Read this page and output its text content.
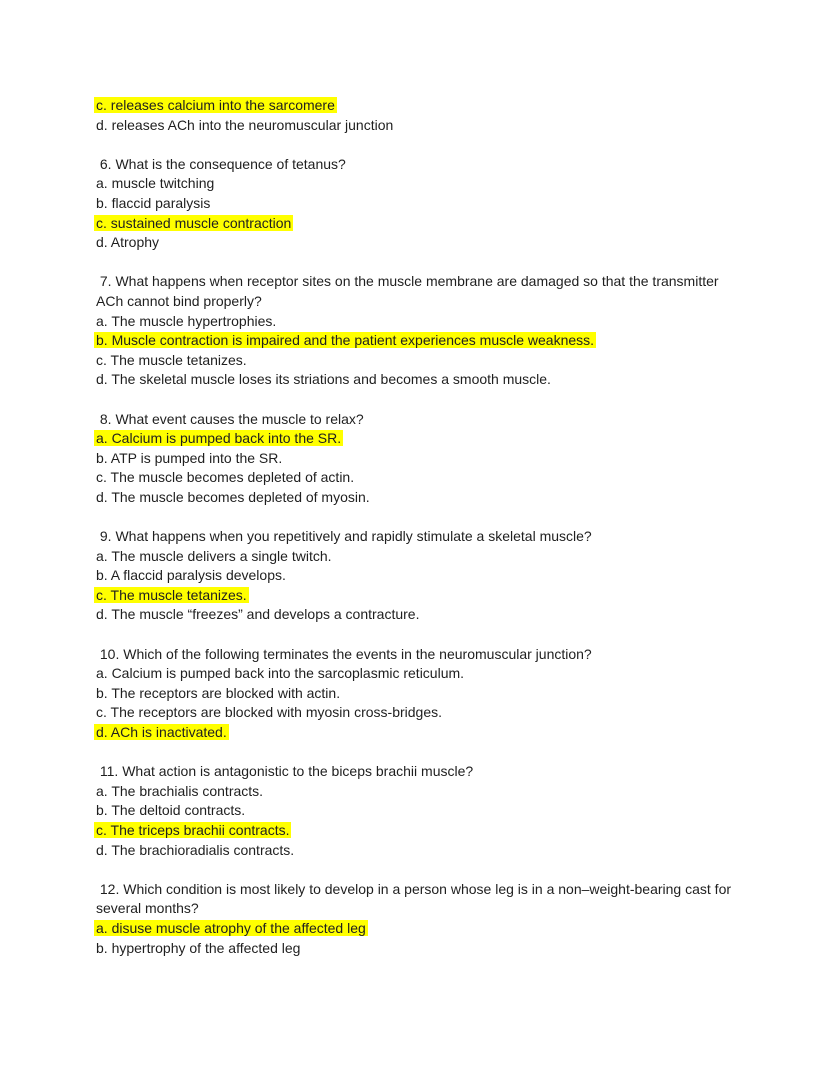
c. releases calcium into the sarcomere
d. releases ACh into the neuromuscular junction
6. What is the consequence of tetanus?
a. muscle twitching
b. flaccid paralysis
c. sustained muscle contraction
d. Atrophy
7. What happens when receptor sites on the muscle membrane are damaged so that the transmitter ACh cannot bind properly?
a. The muscle hypertrophies.
b. Muscle contraction is impaired and the patient experiences muscle weakness.
c. The muscle tetanizes.
d. The skeletal muscle loses its striations and becomes a smooth muscle.
8. What event causes the muscle to relax?
a. Calcium is pumped back into the SR.
b. ATP is pumped into the SR.
c. The muscle becomes depleted of actin.
d. The muscle becomes depleted of myosin.
9. What happens when you repetitively and rapidly stimulate a skeletal muscle?
a. The muscle delivers a single twitch.
b. A flaccid paralysis develops.
c. The muscle tetanizes.
d. The muscle “freezes” and develops a contracture.
10. Which of the following terminates the events in the neuromuscular junction?
a. Calcium is pumped back into the sarcoplasmic reticulum.
b. The receptors are blocked with actin.
c. The receptors are blocked with myosin cross-bridges.
d. ACh is inactivated.
11. What action is antagonistic to the biceps brachii muscle?
a. The brachialis contracts.
b. The deltoid contracts.
c. The triceps brachii contracts.
d. The brachioradialis contracts.
12. Which condition is most likely to develop in a person whose leg is in a non–weight-bearing cast for several months?
a. disuse muscle atrophy of the affected leg
b. hypertrophy of the affected leg
